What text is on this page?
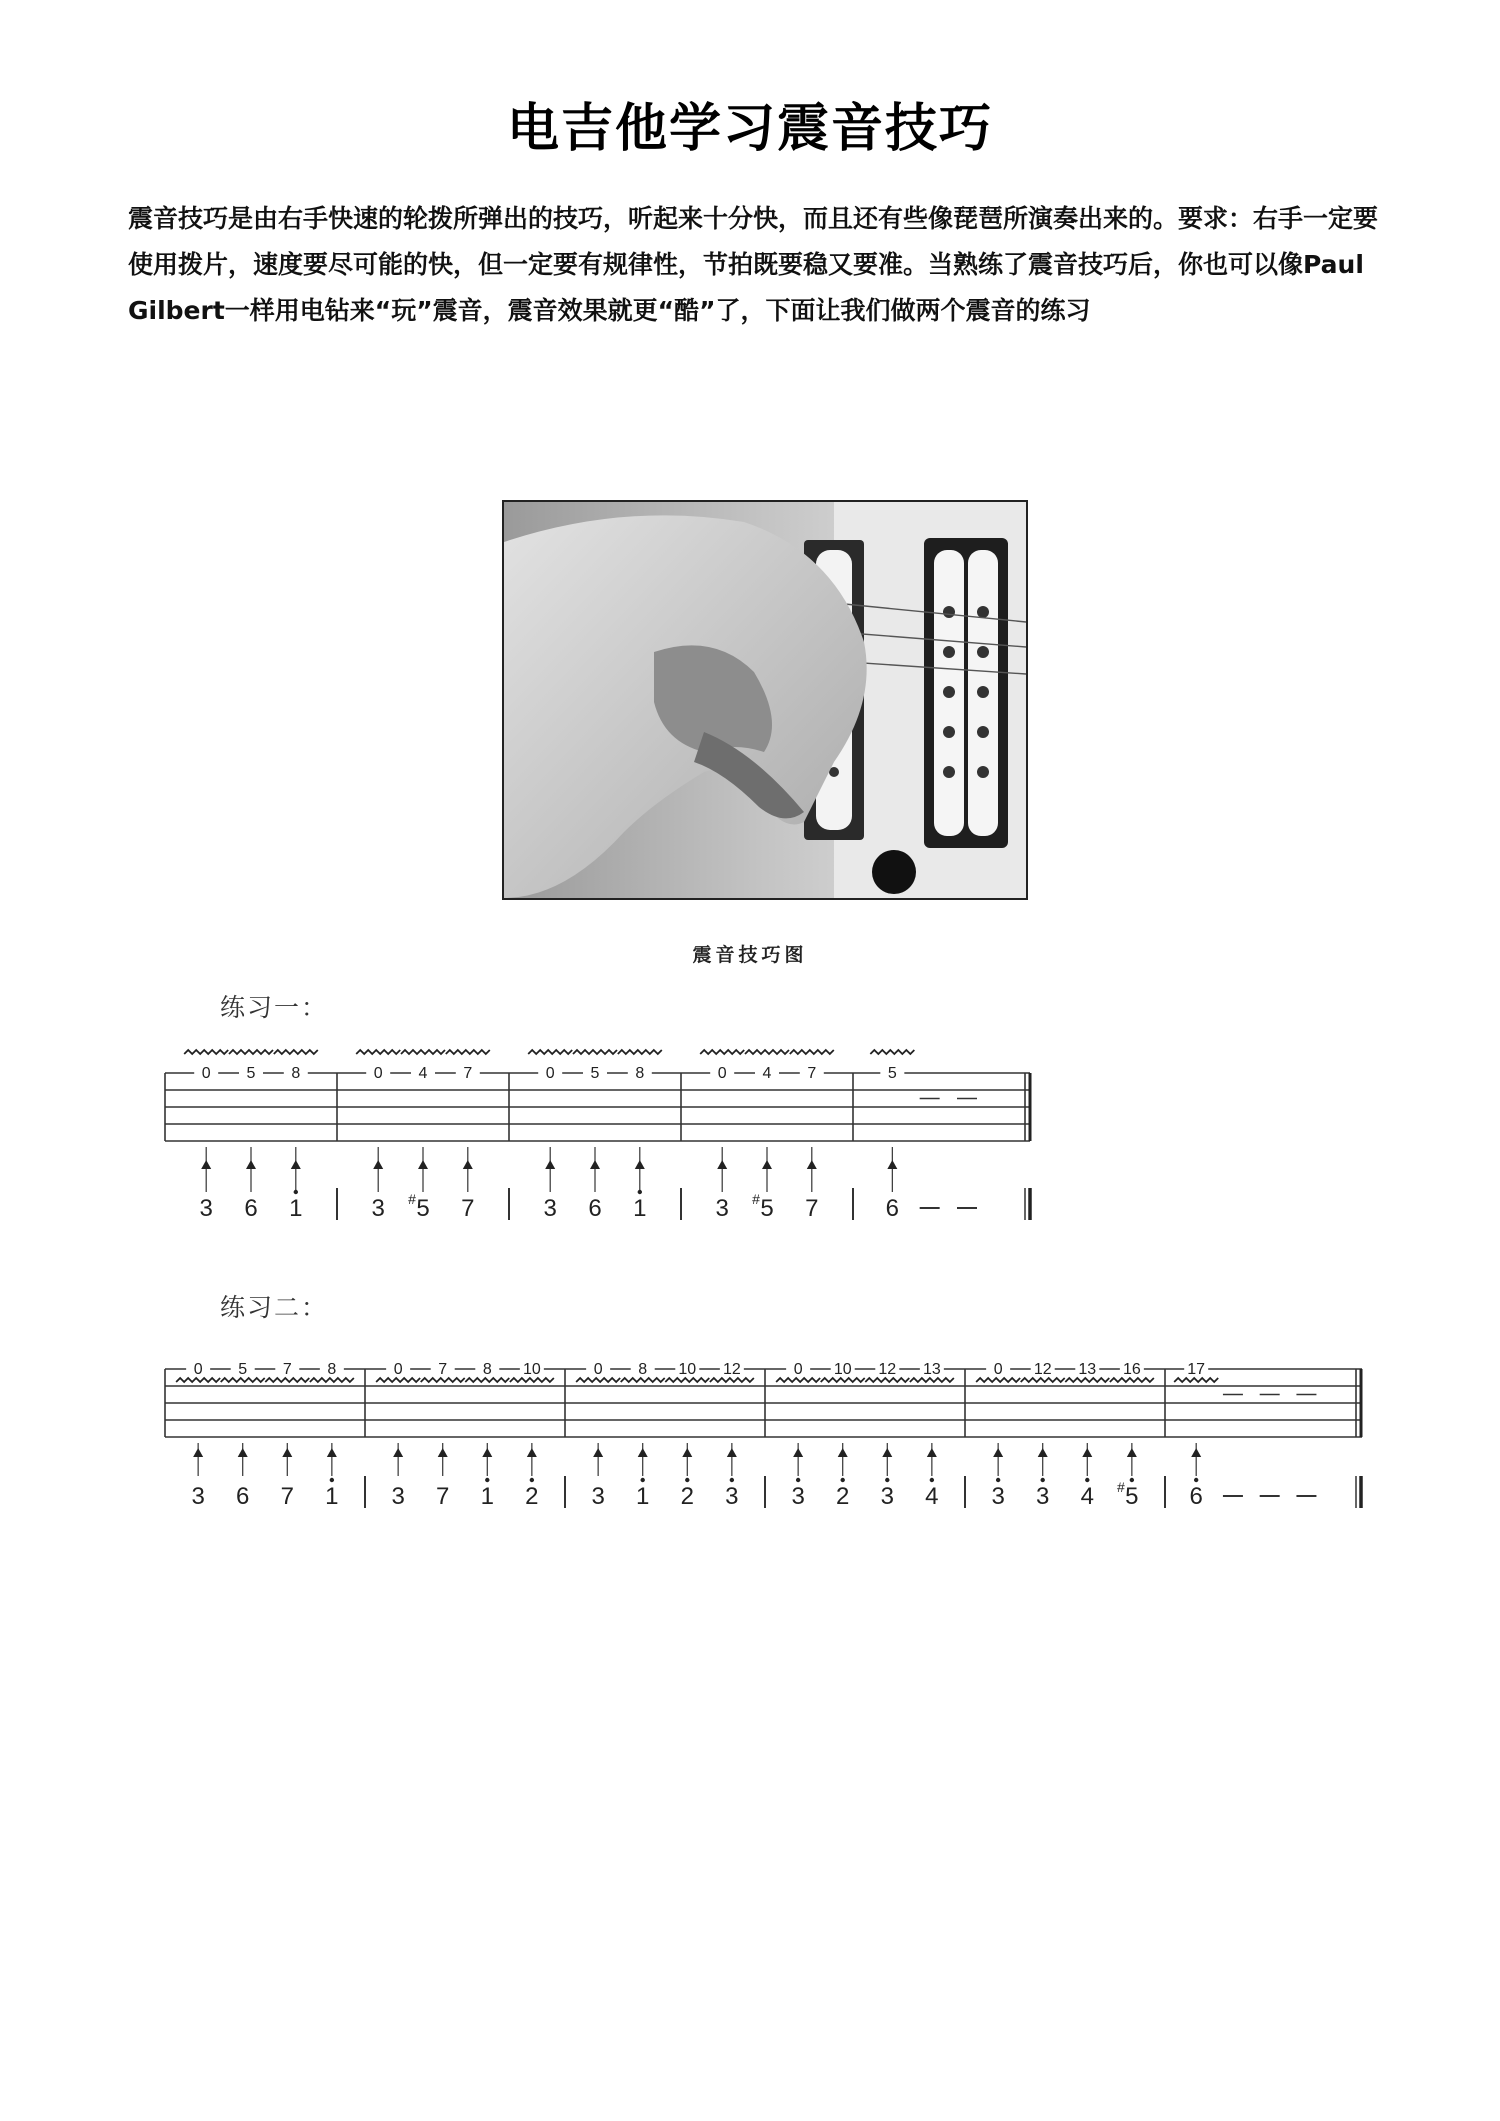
电吉他学习震音技巧
震音技巧是由右手快速的轮拨所弹出的技巧，听起来十分快，而且还有些像琵琶所演奏出来的。要求：右手一定要使用拨片，速度要尽可能的快，但一定要有规律性，节拍既要稳又要准。当熟练了震音技巧后，你也可以像Paul Gilbert一样用电钻来“玩”震音，震音效果就更“酷”了，下面让我们做两个震音的练习
震音技巧图
练习一：
练习二：
0
3
5
6
8
1
0
3
4
5
#
7
7
0
3
5
6
8
1
0
3
4
5
#
7
7
5
6
0
3
5
6
7
7
8
1
0
3
7
7
8
1
10
2
0
3
8
1
10
2
12
3
0
3
10
2
12
3
13
4
0
3
12
3
13
4
16
5
#
17
6
